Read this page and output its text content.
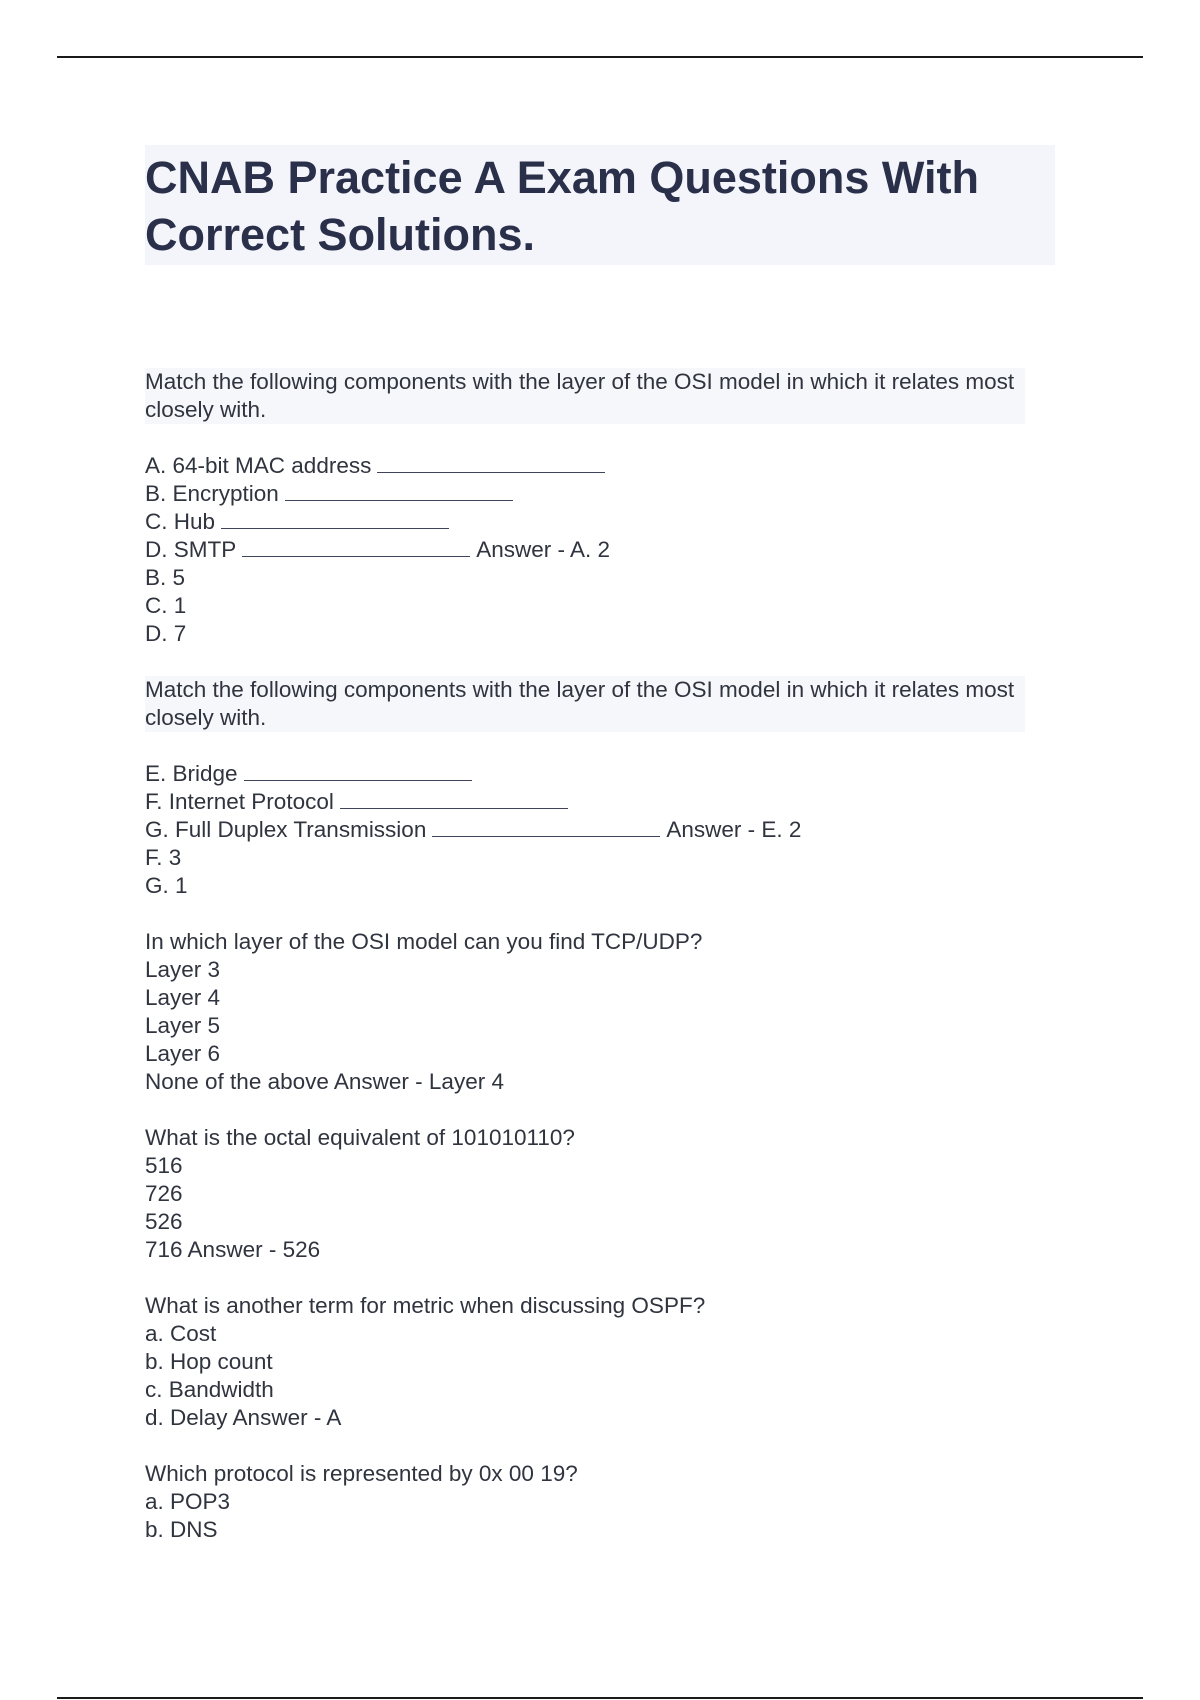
CNAB Practice A Exam Questions With Correct Solutions.
Match the following components with the layer of the OSI model in which it relates most closely with.
A. 64-bit MAC address
B. Encryption
C. Hub
D. SMTP	Answer - A. 2
B. 5
C. 1
D. 7
Match the following components with the layer of the OSI model in which it relates most closely with.
E. Bridge
F. Internet Protocol
G. Full Duplex Transmission	Answer - E. 2
F. 3
G. 1
In which layer of the OSI model can you find TCP/UDP?
Layer 3
Layer 4
Layer 5
Layer 6
None of the above Answer - Layer 4
What is the octal equivalent of 101010110?
516
726
526
716 Answer - 526
What is another term for metric when discussing OSPF?
a. Cost
b. Hop count
c. Bandwidth
d. Delay Answer - A
Which protocol is represented by 0x 00 19?
a. POP3
b. DNS
